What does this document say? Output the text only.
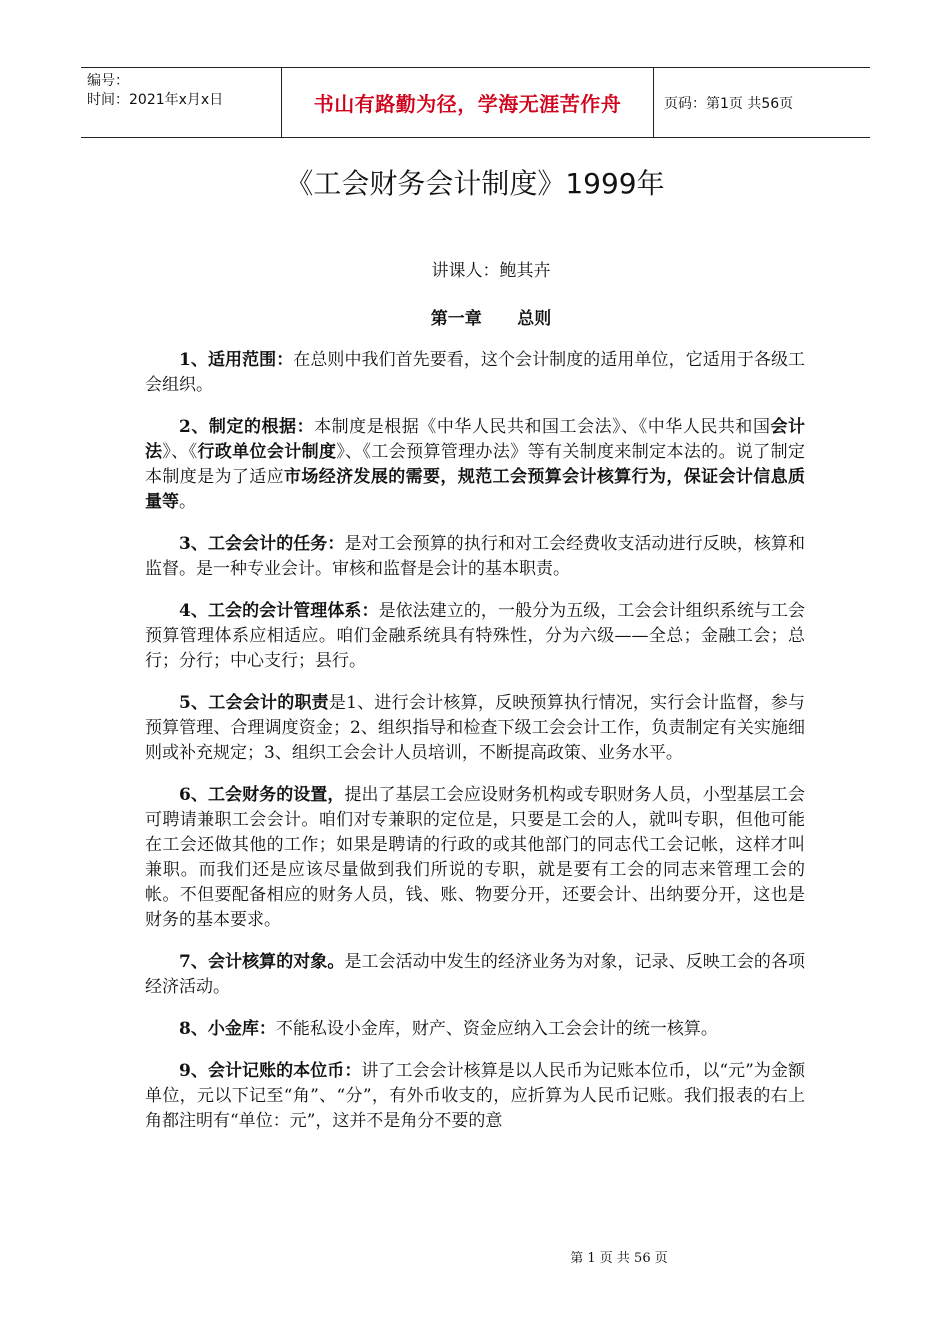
编号：
时间：2021年x月x日	书山有路勤为径，学海无涯苦作舟	页码：第1页 共56页
《工会财务会计制度》1999年
讲课人：鲍其卉
第一章      总则

1、适用范围：在总则中我们首先要看，这个会计制度的适用单位，它适用于各级工会组织。

2、制定的根据：本制度是根据《中华人民共和国工会法》、《中华人民共和国会计法》、《行政单位会计制度》、《工会预算管理办法》等有关制度来制定本法的。说了制定本制度是为了适应市场经济发展的需要，规范工会预算会计核算行为，保证会计信息质量等。

3、工会会计的任务：是对工会预算的执行和对工会经费收支活动进行反映，核算和监督。是一种专业会计。审核和监督是会计的基本职责。

4、工会的会计管理体系：是依法建立的，一般分为五级，工会会计组织系统与工会预算管理体系应相适应。咱们金融系统具有特殊性，分为六级——全总；金融工会；总行；分行；中心支行；县行。

5、工会会计的职责是1、进行会计核算，反映预算执行情况，实行会计监督，参与预算管理、合理调度资金；2、组织指导和检查下级工会会计工作，负责制定有关实施细则或补充规定；3、组织工会会计人员培训，不断提高政策、业务水平。

6、工会财务的设置，提出了基层工会应设财务机构或专职财务人员，小型基层工会可聘请兼职工会会计。咱们对专兼职的定位是，只要是工会的人，就叫专职，但他可能在工会还做其他的工作；如果是聘请的行政的或其他部门的同志代工会记帐，这样才叫兼职。而我们还是应该尽量做到我们所说的专职，就是要有工会的同志来管理工会的帐。不但要配备相应的财务人员，钱、账、物要分开，还要会计、出纳要分开，这也是财务的基本要求。

7、会计核算的对象。是工会活动中发生的经济业务为对象，记录、反映工会的各项经济活动。

8、小金库：不能私设小金库，财产、资金应纳入工会会计的统一核算。

9、会计记账的本位币：讲了工会会计核算是以人民币为记账本位币，以“元”为金额单位，元以下记至“角”、“分”，有外币收支的，应折算为人民币记账。我们报表的右上角都注明有“单位：元”，这并不是角分不要的意

第 1 页 共 56 页
